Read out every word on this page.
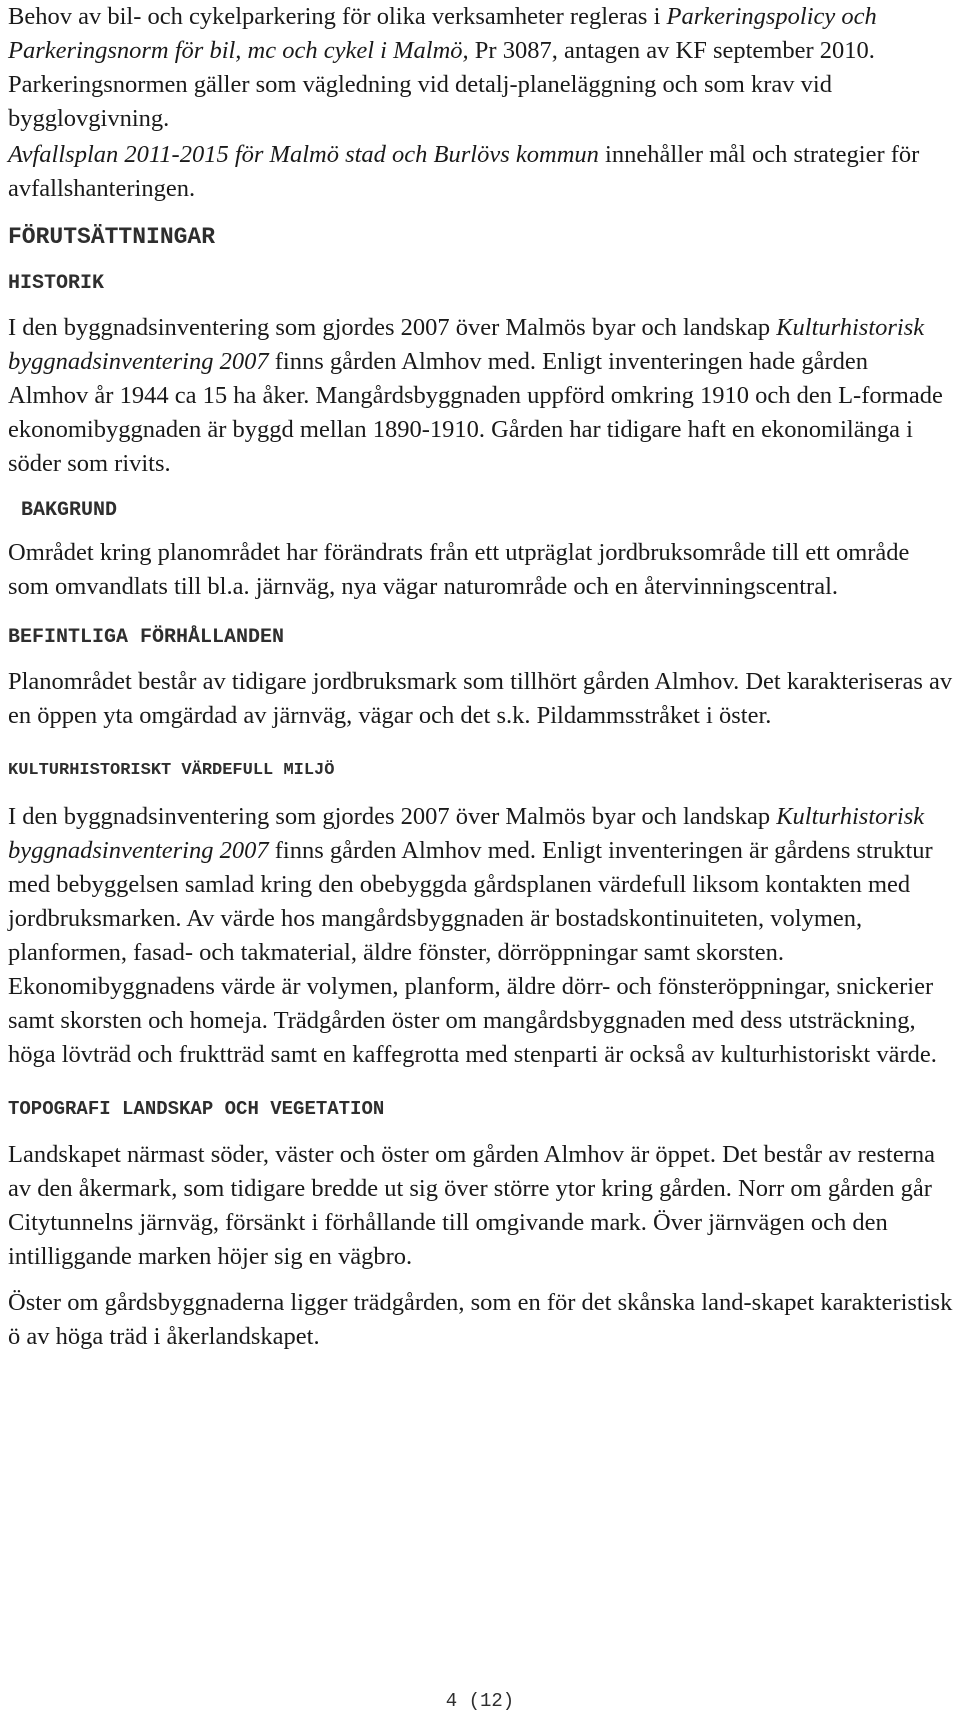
Behov av bil- och cykelparkering för olika verksamheter regleras i Parkeringspolicy och Parkeringsnorm för bil, mc och cykel i Malmö, Pr 3087, antagen av KF september 2010. Parkeringsnormen gäller som vägledning vid detalj-planeläggning och som krav vid bygglovgivning.

Avfallsplan 2011-2015 för Malmö stad och Burlövs kommun innehåller mål och strategier för avfallshanteringen.

FÖRUTSÄTTNINGAR
HISTORIK

I den byggnadsinventering som gjordes 2007 över Malmös byar och landskap Kulturhistorisk byggnadsinventering 2007 finns gården Almhov med. Enligt inventeringen hade gården Almhov år 1944 ca 15 ha åker. Mangårdsbyggnaden uppförd omkring 1910 och den L-formade ekonomibyggnaden är byggd mellan 1890-1910. Gården har tidigare haft en ekonomilänga i söder som rivits.

BAKGRUND

Området kring planområdet har förändrats från ett utpräglat jordbruksområde till ett område som omvandlats till bl.a. järnväg, nya vägar naturområde och en återvinningscentral.

BEFINTLIGA FÖRHÅLLANDEN

Planområdet består av tidigare jordbruksmark som tillhört gården Almhov. Det karakteriseras av en öppen yta omgärdad av järnväg, vägar och det s.k. Pildammsstråket i öster.

KULTURHISTORISKT VÄRDEFULL MILJÖ

I den byggnadsinventering som gjordes 2007 över Malmös byar och landskap Kulturhistorisk byggnadsinventering 2007 finns gården Almhov med. Enligt inventeringen är gårdens struktur med bebyggelsen samlad kring den obebyggda gårdsplanen värdefull liksom kontakten med jordbruksmarken. Av värde hos mangårdsbyggnaden är bostadskontinuiteten, volymen, planformen, fasad- och takmaterial, äldre fönster, dörröppningar samt skorsten. Ekonomibyggnadens värde är volymen, planform, äldre dörr- och fönsteröppningar, snickerier samt skorsten och homeja. Trädgården öster om mangårdsbyggnaden med dess utsträckning, höga lövträd och fruktträd samt en kaffegrotta med stenparti är också av kulturhistoriskt värde.

TOPOGRAFI LANDSKAP OCH VEGETATION

Landskapet närmast söder, väster och öster om gården Almhov är öppet. Det består av resterna av den åkermark, som tidigare bredde ut sig över större ytor kring gården. Norr om gården går Citytunnelns järnväg, försänkt i förhållande till omgivande mark. Över järnvägen och den intilliggande marken höjer sig en vägbro.

Öster om gårdsbyggnaderna ligger trädgården, som en för det skånska land-skapet karakteristisk ö av höga träd i åkerlandskapet.

4 (12)
